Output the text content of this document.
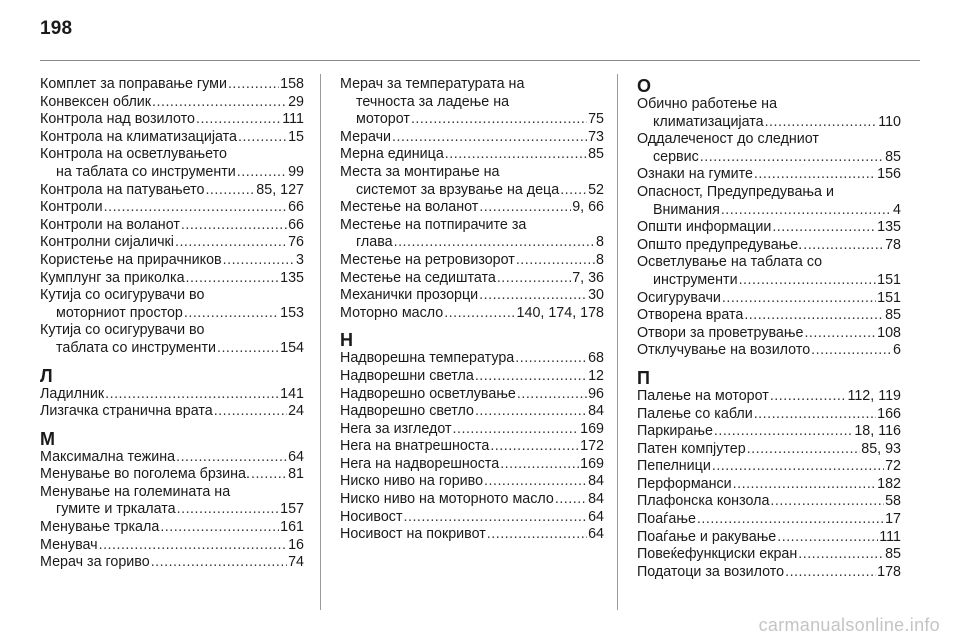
198
Комплет за поправање гуми .....	158
Конвексен облик .....	29
Контрола над возилото .....	111
Контрола на климатизацијата .....	15
Контрола на осветлувањето
на таблата со инструменти .....	99
Контрола на патувањето .....	85, 127
Контроли .....	66
Контроли на воланот .....	66
Контролни сијаличкi .....	76
Користење на прирачников .....	3
Кумплунг за приколка .....	135
Кутија со осигурувачи во
моторниот простор .....	153
Кутија со осигурувачи во
таблата со инструменти .....	154
Л
Ладилник .....	141
Лизгачка странична врата .....	24
М
Максимална тежина .....	64
Менување во поголема брзина. .....	81
Менување на големината на
гумите и тркалата .....	157
Менување тркала .....	161
Менувач .....	16
Мерач за гориво .....	74
Мерач за температурата на
течноста за ладење на
моторот .....	75
Мерачи .....	73
Мерна единица .....	85
Места за монтирање на
системот за врзување на деца ..... 52
Местење на воланот .....	9, 66
Местење на потпирачите за
глава .....	8
Местење на ретровизорот .....	8
Местење на седиштата .....	7, 36
Механички прозорци .....	30
Моторно масло .....	140, 174, 178
Н
Надворешна температура .....	68
Надворешни светла .....	12
Надворешно осветлување .....	96
Надворешно светло .....	84
Нега за изгледот .....	169
Нега на внатрешноста .....	172
Нега на надворешноста .....	169
Ниско ниво на гориво .....	84
Ниско ниво на моторното масло ..... 84
Носивост .....	64
Носивост на покривот .....	64
О
Обично работење на
климатизацијата .....	110
Оддалеченост до следниот
сервис .....	85
Ознаки на гумите .....	156
Опасност, Предупредувања и
Внимания .....	4
Општи информации .....	135
Општо предупредување. .....	78
Осветлување на таблата со
инструменти .....	151
Осигурувачи .....	151
Отворена врата .....	85
Отвори за проветрување .....	108
Отклучување на возилото .....	6
П
Палење на моторот .....	112, 119
Палење со кабли .....	166
Паркирање .....	18, 116
Патен компјутер .....	85, 93
Пепелници .....	72
Перформанси .....	182
Плафонска конзола .....	58
Поаѓање .....	17
Поаѓање и ракување .....	111
Повеќефункциски екран .....	85
Податоци за возилото .....	178
carmanualsonline.info
